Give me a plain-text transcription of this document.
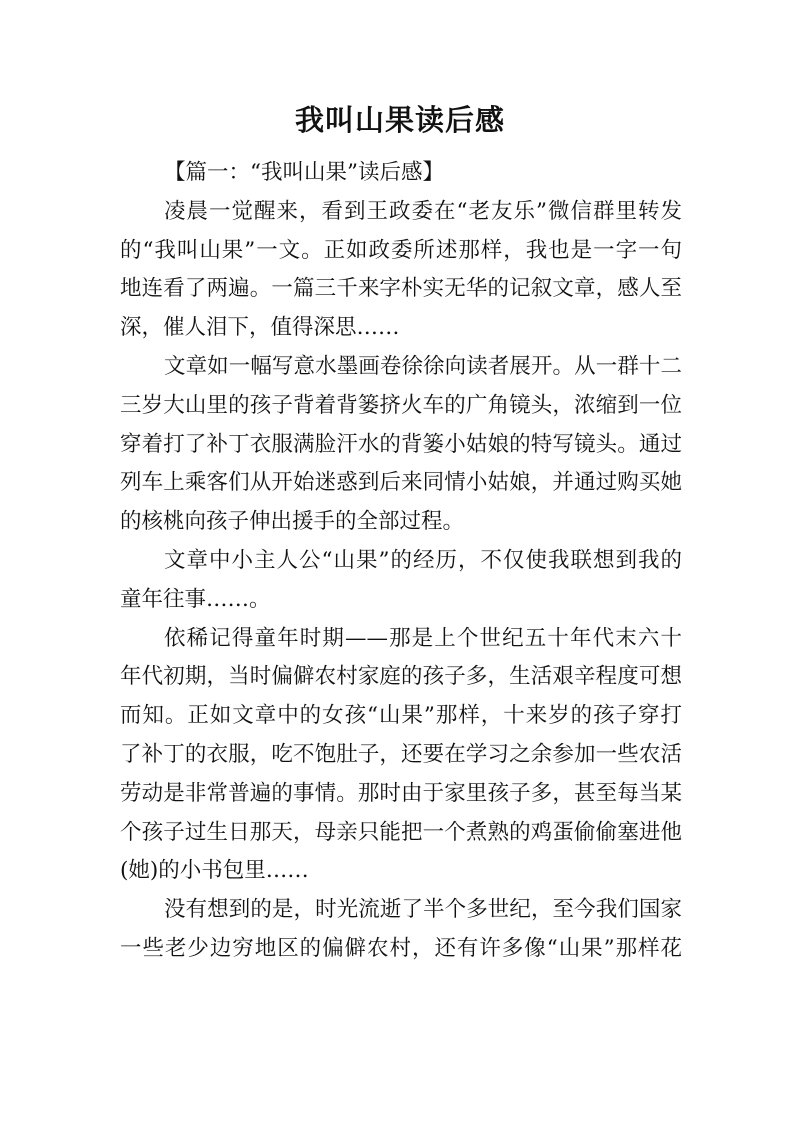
我叫山果读后感
【篇一：“我叫山果”读后感】
凌晨一觉醒来，看到王政委在“老友乐”微信群里转发
的“我叫山果”一文。正如政委所述那样，我也是一字一句
地连看了两遍。一篇三千来字朴实无华的记叙文章，感人至
深，催人泪下，值得深思……
文章如一幅写意水墨画卷徐徐向读者展开。从一群十二
三岁大山里的孩子背着背篓挤火车的广角镜头，浓缩到一位
穿着打了补丁衣服满脸汗水的背篓小姑娘的特写镜头。通过
列车上乘客们从开始迷惑到后来同情小姑娘，并通过购买她
的核桃向孩子伸出援手的全部过程。
文章中小主人公“山果”的经历，不仅使我联想到我的
童年往事……。
依稀记得童年时期——那是上个世纪五十年代末六十
年代初期，当时偏僻农村家庭的孩子多，生活艰辛程度可想
而知。正如文章中的女孩“山果”那样，十来岁的孩子穿打
了补丁的衣服，吃不饱肚子，还要在学习之余参加一些农活
劳动是非常普遍的事情。那时由于家里孩子多，甚至每当某
个孩子过生日那天，母亲只能把一个煮熟的鸡蛋偷偷塞进他
(她)的小书包里……
没有想到的是，时光流逝了半个多世纪，至今我们国家
一些老少边穷地区的偏僻农村，还有许多像“山果”那样花
